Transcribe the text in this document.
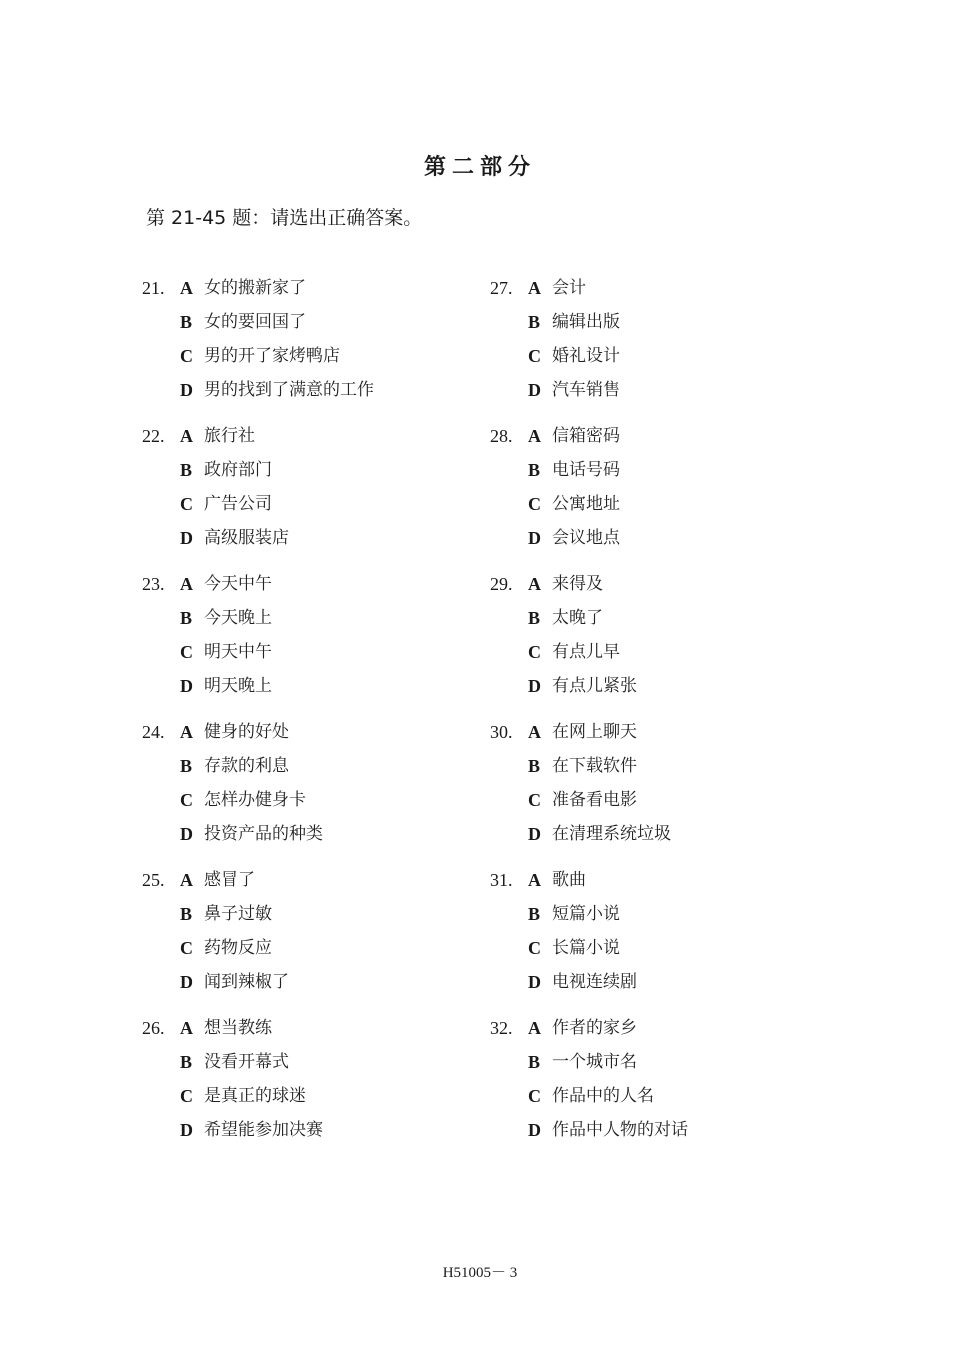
第二部分
第 21-45 题：请选出正确答案。
21. A 女的搬新家了
B 女的要回国了
C 男的开了家烤鸭店
D 男的找到了满意的工作
22. A 旅行社
B 政府部门
C 广告公司
D 高级服装店
23. A 今天中午
B 今天晚上
C 明天中午
D 明天晚上
24. A 健身的好处
B 存款的利息
C 怎样办健身卡
D 投资产品的种类
25. A 感冒了
B 鼻子过敏
C 药物反应
D 闻到辣椒了
26. A 想当教练
B 没看开幕式
C 是真正的球迷
D 希望能参加决赛
27. A 会计
B 编辑出版
C 婚礼设计
D 汽车销售
28. A 信箱密码
B 电话号码
C 公寓地址
D 会议地点
29. A 来得及
B 太晚了
C 有点儿早
D 有点儿紧张
30. A 在网上聊天
B 在下载软件
C 准备看电影
D 在清理系统垃圾
31. A 歌曲
B 短篇小说
C 长篇小说
D 电视连续剧
32. A 作者的家乡
B 一个城市名
C 作品中的人名
D 作品中人物的对话
H51005－ 3
